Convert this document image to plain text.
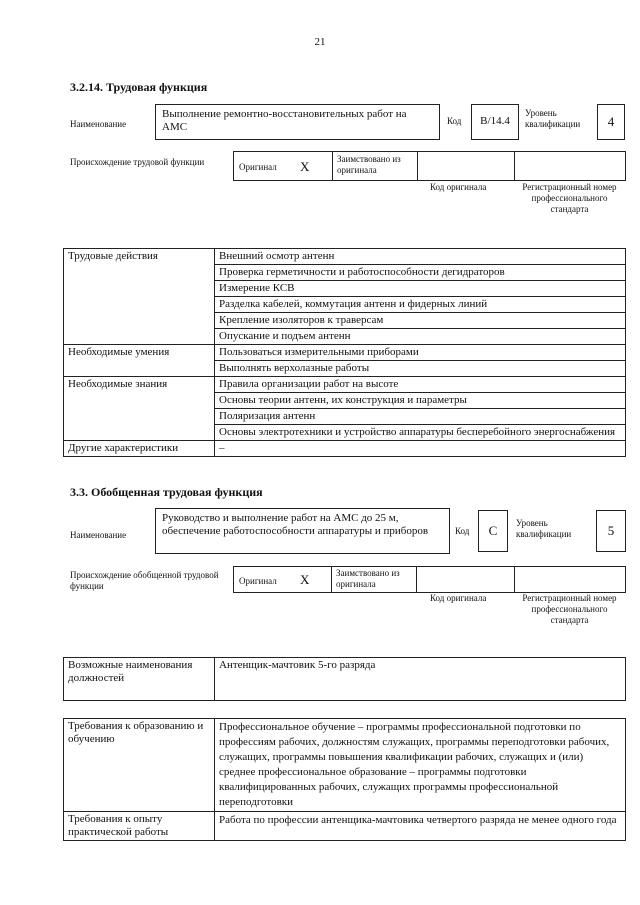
21
3.2.14. Трудовая функция
Наименование
Выполнение ремонтно-восстановительных работ на АМС	Код	B/14.4
Уровень квалификации	4
Происхождение трудовой функции	Оригинал X	Заимствовано из оригинала
Код оригинала	Регистрационный номер профессионального стандарта
Трудовые действия	Внешний осмотр антенн
	Проверка герметичности и работоспособности дегидраторов
	Измерение КСВ
	Разделка кабелей, коммутация антенн и фидерных линий
	Крепление изоляторов к траверсам
	Опускание и подъем антенн
Необходимые умения	Пользоваться измерительными приборами
	Выполнять верхолазные работы
Необходимые знания	Правила организации работ на высоте
	Основы теории антенн, их конструкция и параметры
	Поляризация антенн
	Основы электротехники и устройство аппаратуры бесперебойного энергоснабжения
Другие характеристики	–
3.3. Обобщенная трудовая функция
Наименование
Руководство и выполнение работ на АМС до 25 м, обеспечение работоспособности аппаратуры и приборов	Код	C	Уровень квалификации	5
Происхождение обобщенной трудовой функции	Оригинал X	Заимствовано из оригинала
Код оригинала	Регистрационный номер профессионального стандарта
Возможные наименования должностей	Антенщик-мачтовик 5-го разряда
Требования к образованию и обучению	Профессиональное обучение – программы профессиональной подготовки по профессиям рабочих, должностям служащих, программы переподготовки рабочих, служащих, программы повышения квалификации рабочих, служащих и (или) среднее профессиональное образование – программы подготовки квалифицированных рабочих, служащих программы профессиональной переподготовки
Требования к опыту практической работы	Работа по профессии антенщика-мачтовика четвертого разряда не менее одного года
